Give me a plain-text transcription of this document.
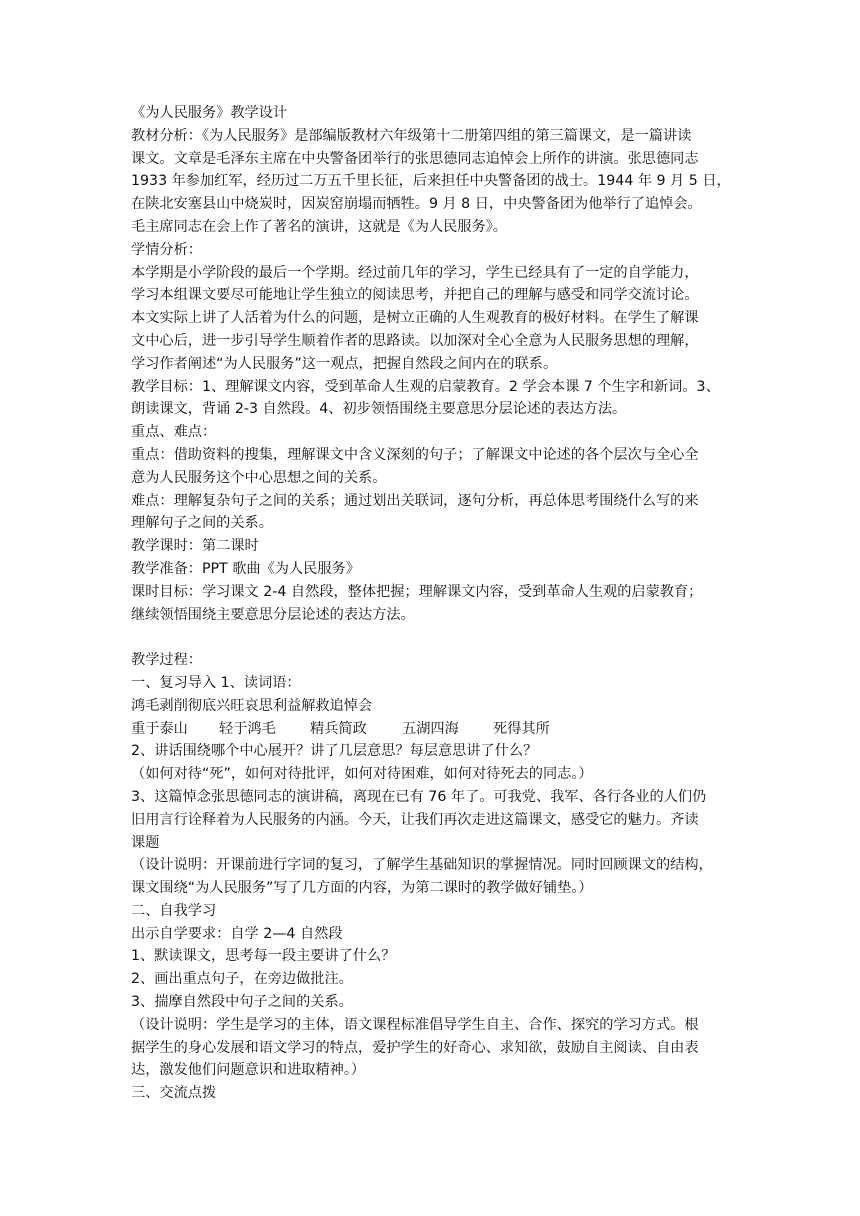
《为人民服务》教学设计
教材分析：《为人民服务》是部编版教材六年级第十二册第四组的第三篇课文，是一篇讲读
课文。文章是毛泽东主席在中央警备团举行的张思德同志追悼会上所作的讲演。张思德同志
1933 年参加红军，经历过二万五千里长征，后来担任中央警备团的战士。1944 年 9 月 5 日，
在陕北安塞县山中烧炭时，因炭窑崩塌而牺牲。9 月 8 日，中央警备团为他举行了追悼会。
毛主席同志在会上作了著名的演讲，这就是《为人民服务》。
学情分析：
本学期是小学阶段的最后一个学期。经过前几年的学习，学生已经具有了一定的自学能力，
学习本组课文要尽可能地让学生独立的阅读思考，并把自己的理解与感受和同学交流讨论。
本文实际上讲了人活着为什么的问题，是树立正确的人生观教育的极好材料。在学生了解课
文中心后，进一步引导学生顺着作者的思路读。以加深对全心全意为人民服务思想的理解，
学习作者阐述“为人民服务”这一观点，把握自然段之间内在的联系。
教学目标：1、理解课文内容，受到革命人生观的启蒙教育。2 学会本课 7 个生字和新词。3、
朗读课文，背诵 2-3 自然段。4、初步领悟围绕主要意思分层论述的表达方法。
重点、难点：
重点：借助资料的搜集，理解课文中含义深刻的句子；了解课文中论述的各个层次与全心全
意为人民服务这个中心思想之间的关系。
难点：理解复杂句子之间的关系；通过划出关联词，逐句分析，再总体思考围绕什么写的来
理解句子之间的关系。
教学课时：第二课时
教学准备：PPT 歌曲《为人民服务》
课时目标：学习课文 2-4 自然段，整体把握；理解课文内容，受到革命人生观的启蒙教育；
继续领悟围绕主要意思分层论述的表达方法。
教学过程：
一、复习导入 1、读词语：
鸿毛剥削彻底兴旺哀思利益解救追悼会
重于泰山	轻于鸿毛	精兵简政	五湖四海	死得其所
2、讲话围绕哪个中心展开？讲了几层意思？每层意思讲了什么？
（如何对待“死”，如何对待批评，如何对待困难，如何对待死去的同志。）
3、这篇悼念张思德同志的演讲稿，离现在已有 76 年了。可我党、我军、各行各业的人们仍
旧用言行诠释着为人民服务的内涵。今天，让我们再次走进这篇课文，感受它的魅力。齐读
课题
（设计说明：开课前进行字词的复习，了解学生基础知识的掌握情况。同时回顾课文的结构，
课文围绕“为人民服务”写了几方面的内容，为第二课时的教学做好铺垫。）
二、自我学习
出示自学要求：自学 2—4 自然段
1、默读课文，思考每一段主要讲了什么？
2、画出重点句子，在旁边做批注。
3、揣摩自然段中句子之间的关系。
（设计说明：学生是学习的主体，语文课程标准倡导学生自主、合作、探究的学习方式。根
据学生的身心发展和语文学习的特点，爱护学生的好奇心、求知欲，鼓励自主阅读、自由表
达，激发他们问题意识和进取精神。）
三、交流点拨
